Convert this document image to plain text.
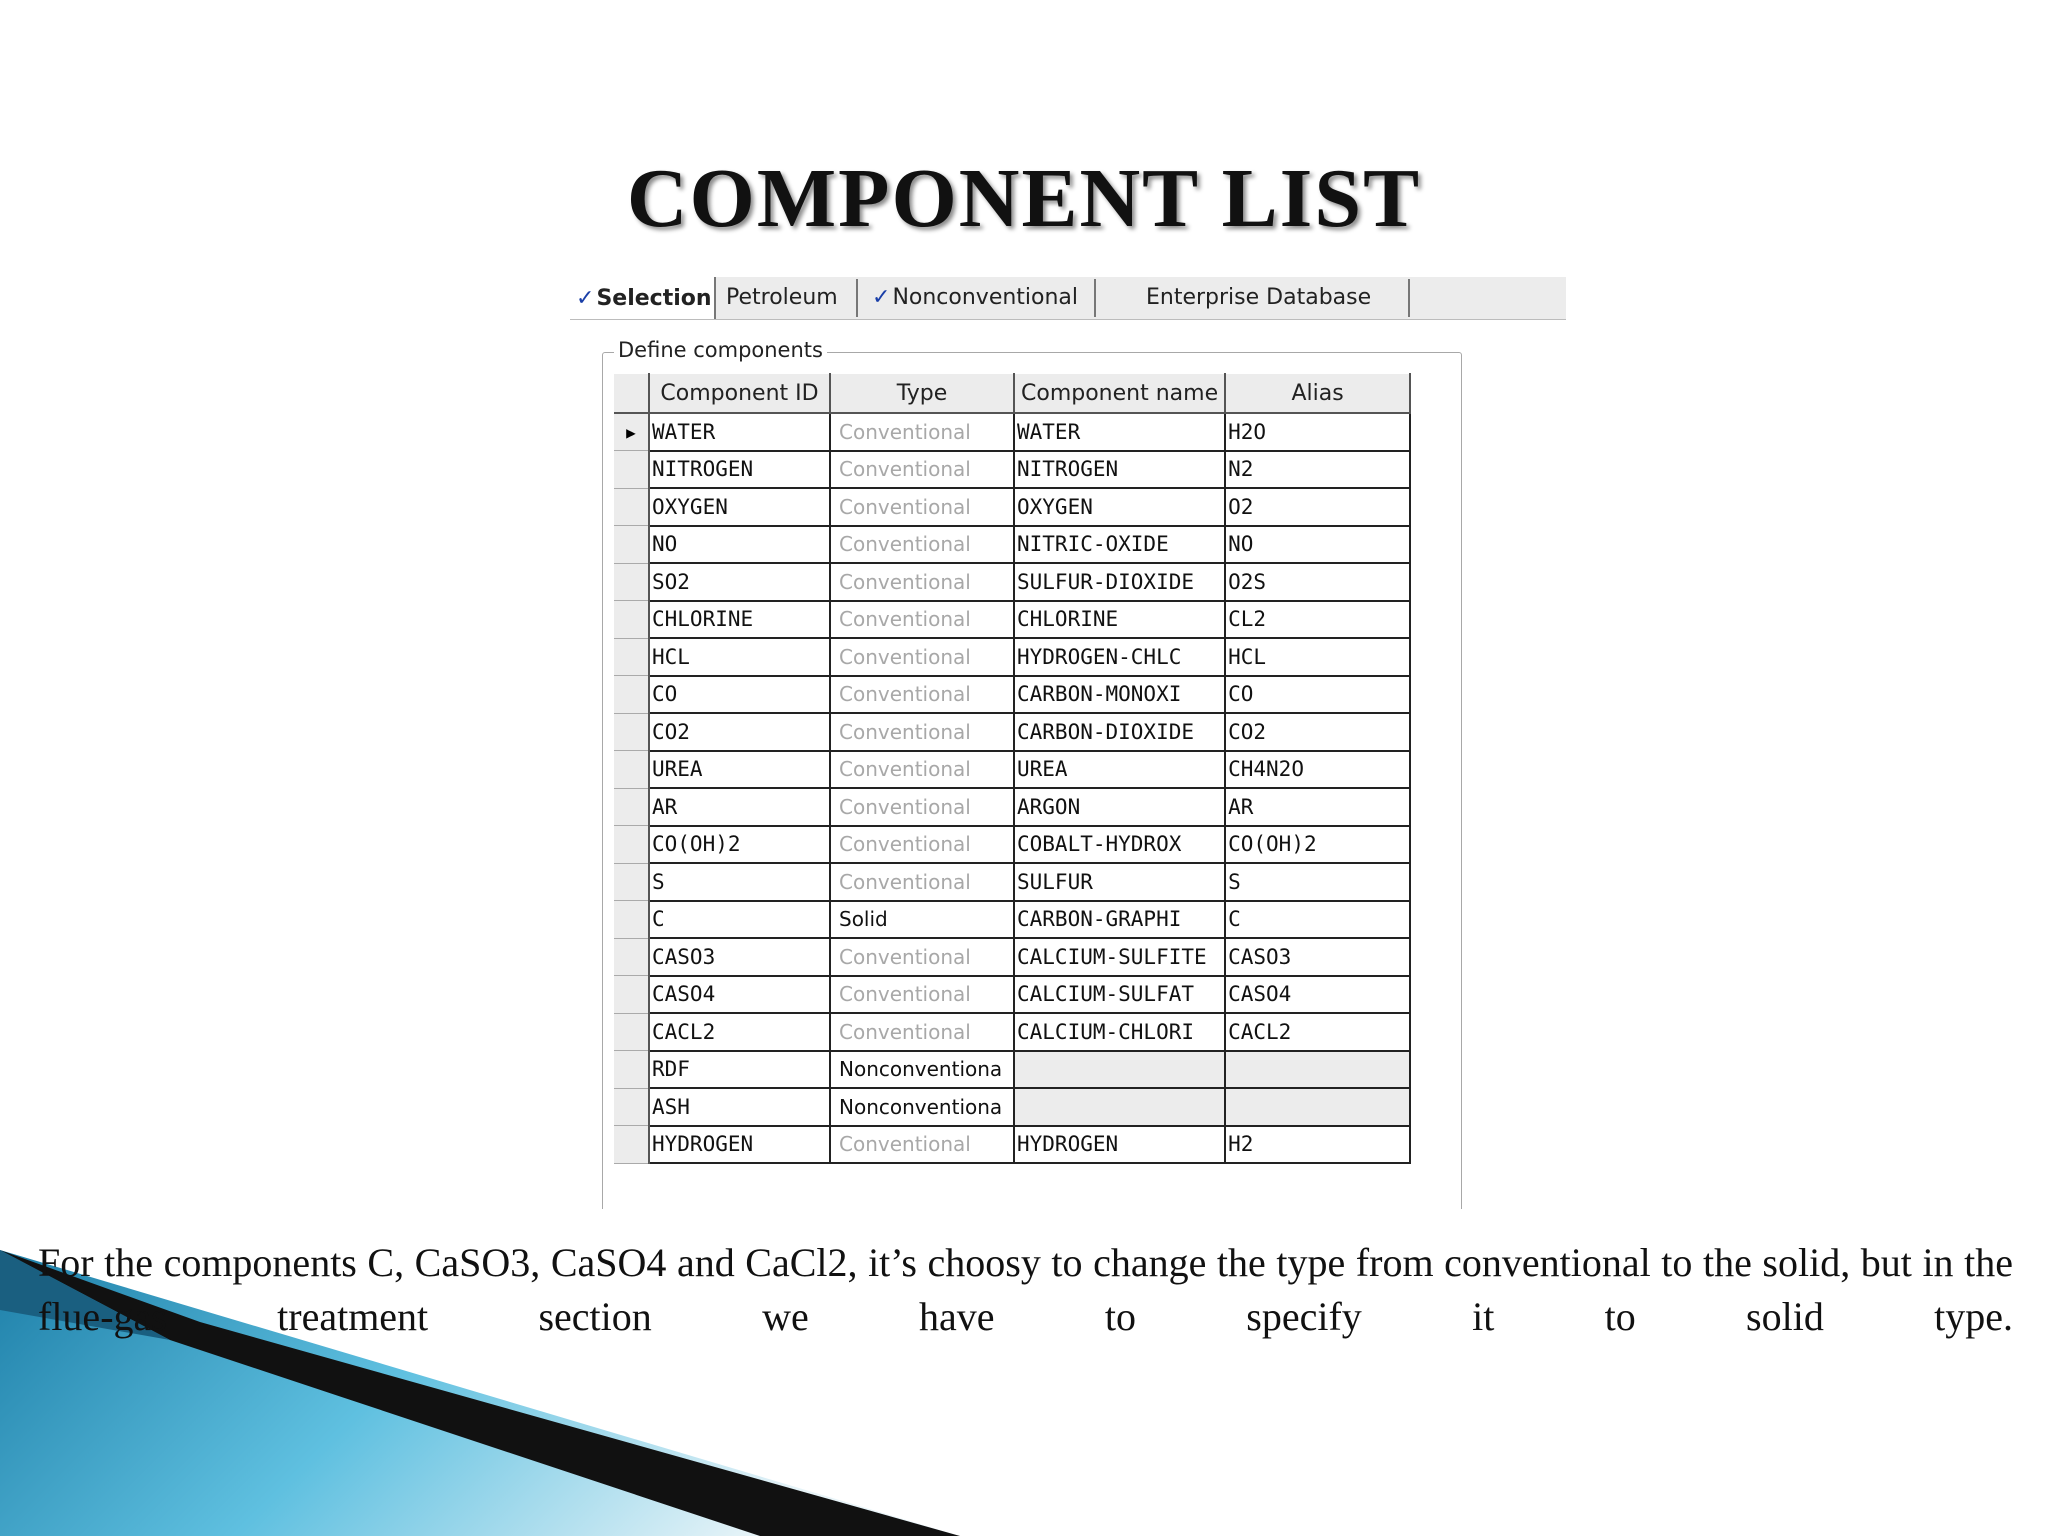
COMPONENT LIST
✓Selection Petroleum	✓Nonconventional	Enterprise Database
Define components
	Component ID	Type	Component name	Alias
▶	WATER	Conventional	WATER	H2O
	NITROGEN	Conventional	NITROGEN	N2
	OXYGEN	Conventional	OXYGEN	O2
	NO	Conventional	NITRIC-OXIDE	NO
	SO2	Conventional	SULFUR-DIOXIDE	O2S
	CHLORINE	Conventional	CHLORINE	CL2
	HCL	Conventional	HYDROGEN-CHLC	HCL
	CO	Conventional	CARBON-MONOXI	CO
	CO2	Conventional	CARBON-DIOXIDE	CO2
	UREA	Conventional	UREA	CH4N2O
	AR	Conventional	ARGON	AR
	CO(OH)2	Conventional	COBALT-HYDROX	CO(OH)2
	S	Conventional	SULFUR	S
	C	Solid	CARBON-GRAPHI	C
	CASO3	Conventional	CALCIUM-SULFITE	CASO3
	CASO4	Conventional	CALCIUM-SULFAT	CASO4
	CACL2	Conventional	CALCIUM-CHLORI	CACL2
	RDF	Nonconventiona		
	ASH	Nonconventiona		
	HYDROGEN	Conventional	HYDROGEN	H2
For the components C, CaSO3, CaSO4 and CaCl2, it’s choosy to change the type from conventional to the solid, but in the flue-gas treatment section we have to specify it to solid type.
